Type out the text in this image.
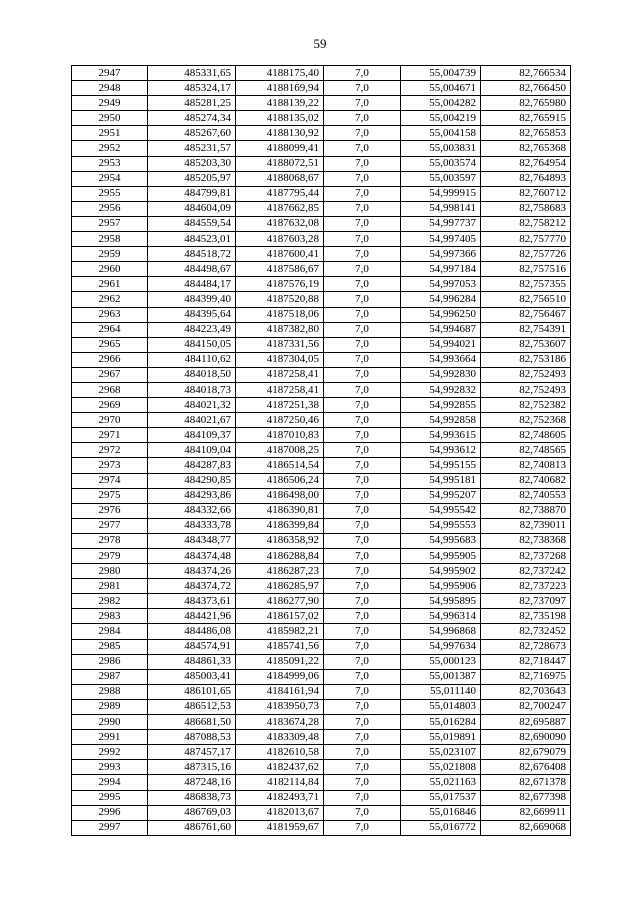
59
2947	485331,65	4188175,40	7,0	55,004739	82,766534
2948	485324,17	4188169,94	7,0	55,004671	82,766450
2949	485281,25	4188139,22	7,0	55,004282	82,765980
2950	485274,34	4188135,02	7,0	55,004219	82,765915
2951	485267,60	4188130,92	7,0	55,004158	82,765853
2952	485231,57	4188099,41	7,0	55,003831	82,765368
2953	485203,30	4188072,51	7,0	55,003574	82,764954
2954	485205,97	4188068,67	7,0	55,003597	82,764893
2955	484799,81	4187795,44	7,0	54,999915	82,760712
2956	484604,09	4187662,85	7,0	54,998141	82,758683
2957	484559,54	4187632,08	7,0	54,997737	82,758212
2958	484523,01	4187603,28	7,0	54,997405	82,757770
2959	484518,72	4187600,41	7,0	54,997366	82,757726
2960	484498,67	4187586,67	7,0	54,997184	82,757516
2961	484484,17	4187576,19	7,0	54,997053	82,757355
2962	484399,40	4187520,88	7,0	54,996284	82,756510
2963	484395,64	4187518,06	7,0	54,996250	82,756467
2964	484223,49	4187382,80	7,0	54,994687	82,754391
2965	484150,05	4187331,56	7,0	54,994021	82,753607
2966	484110,62	4187304,05	7,0	54,993664	82,753186
2967	484018,50	4187258,41	7,0	54,992830	82,752493
2968	484018,73	4187258,41	7,0	54,992832	82,752493
2969	484021,32	4187251,38	7,0	54,992855	82,752382
2970	484021,67	4187250,46	7,0	54,992858	82,752368
2971	484109,37	4187010,83	7,0	54,993615	82,748605
2972	484109,04	4187008,25	7,0	54,993612	82,748565
2973	484287,83	4186514,54	7,0	54,995155	82,740813
2974	484290,85	4186506,24	7,0	54,995181	82,740682
2975	484293,86	4186498,00	7,0	54,995207	82,740553
2976	484332,66	4186390,81	7,0	54,995542	82,738870
2977	484333,78	4186399,84	7,0	54,995553	82,739011
2978	484348,77	4186358,92	7,0	54,995683	82,738368
2979	484374,48	4186288,84	7,0	54,995905	82,737268
2980	484374,26	4186287,23	7,0	54,995902	82,737242
2981	484374,72	4186285,97	7,0	54,995906	82,737223
2982	484373,61	4186277,90	7,0	54,995895	82,737097
2983	484421,96	4186157,02	7,0	54,996314	82,735198
2984	484486,08	4185982,21	7,0	54,996868	82,732452
2985	484574,91	4185741,56	7,0	54,997634	82,728673
2986	484861,33	4185091,22	7,0	55,000123	82,718447
2987	485003,41	4184999,06	7,0	55,001387	82,716975
2988	486101,65	4184161,94	7,0	55,011140	82,703643
2989	486512,53	4183950,73	7,0	55,014803	82,700247
2990	486681,50	4183674,28	7,0	55,016284	82,695887
2991	487088,53	4183309,48	7,0	55,019891	82,690090
2992	487457,17	4182610,58	7,0	55,023107	82,679079
2993	487315,16	4182437,62	7,0	55,021808	82,676408
2994	487248,16	4182114,84	7,0	55,021163	82,671378
2995	486838,73	4182493,71	7,0	55,017537	82,677398
2996	486769,03	4182013,67	7,0	55,016846	82,669911
2997	486761,60	4181959,67	7,0	55,016772	82,669068
